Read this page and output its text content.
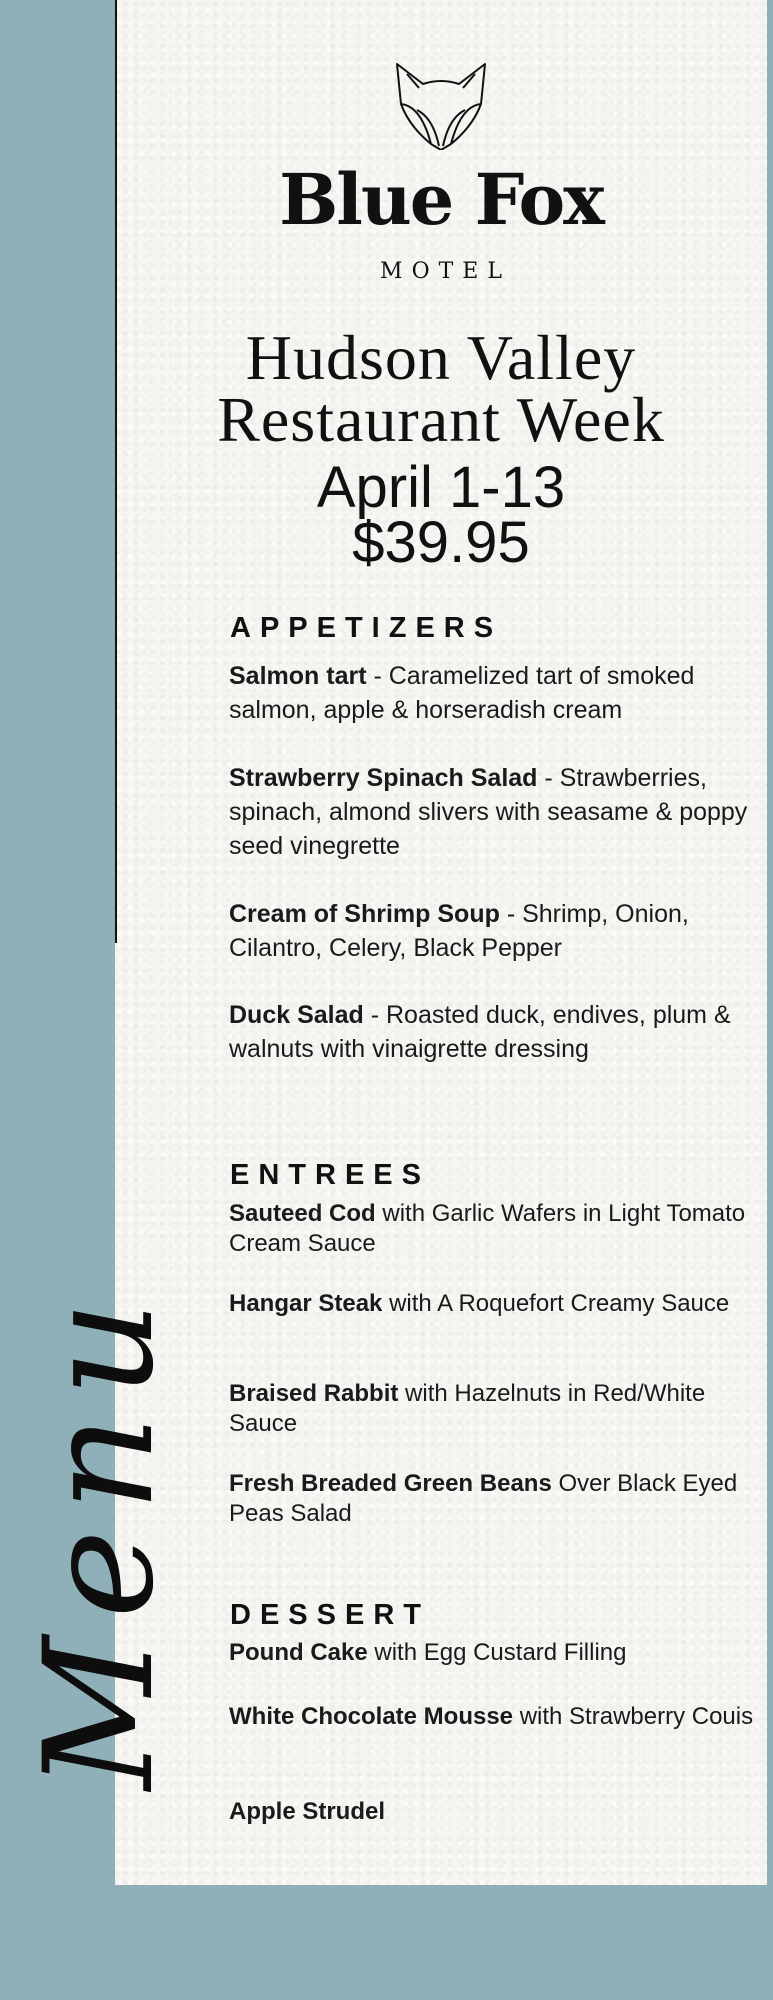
Blue Fox
MOTEL
Hudson Valley
Restaurant Week
April 1-13
$39.95
APPETIZERS
Salmon tart - Caramelized tart of smoked salmon, apple & horseradish cream
Strawberry Spinach Salad - Strawberries, spinach, almond slivers with seasame & poppy seed vinegrette
Cream of Shrimp Soup - Shrimp, Onion, Cilantro, Celery, Black Pepper
Duck Salad - Roasted duck, endives, plum & walnuts with vinaigrette dressing
ENTREES
Sauteed Cod with Garlic Wafers in Light Tomato Cream Sauce
Hangar Steak with A Roquefort Creamy Sauce
Braised Rabbit with Hazelnuts in Red/White Sauce
Fresh Breaded Green Beans Over Black Eyed Peas Salad
DESSERT
Pound Cake with Egg Custard Filling
White Chocolate Mousse with Strawberry Couis
Apple Strudel
Menu
